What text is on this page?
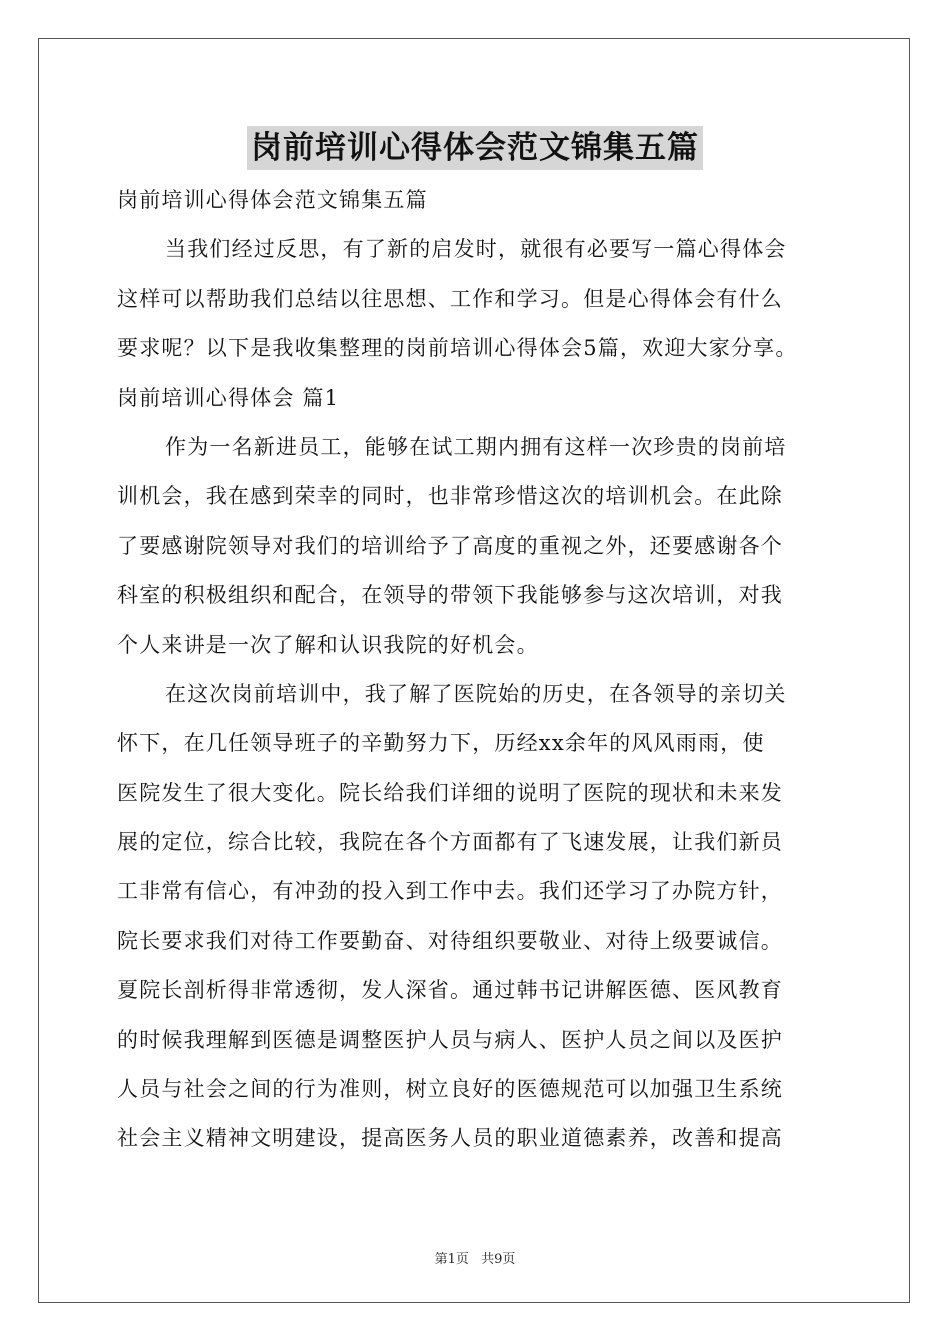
岗前培训心得体会范文锦集五篇
岗前培训心得体会范文锦集五篇
当我们经过反思，有了新的启发时，就很有必要写一篇心得体会
这样可以帮助我们总结以往思想、工作和学习。但是心得体会有什么
要求呢？以下是我收集整理的岗前培训心得体会5篇，欢迎大家分享。
岗前培训心得体会 篇1
作为一名新进员工，能够在试工期内拥有这样一次珍贵的岗前培
训机会，我在感到荣幸的同时，也非常珍惜这次的培训机会。在此除
了要感谢院领导对我们的培训给予了高度的重视之外，还要感谢各个
科室的积极组织和配合，在领导的带领下我能够参与这次培训，对我
个人来讲是一次了解和认识我院的好机会。
在这次岗前培训中，我了解了医院始的历史，在各领导的亲切关
怀下，在几任领导班子的辛勤努力下，历经xx余年的风风雨雨，使
医院发生了很大变化。院长给我们详细的说明了医院的现状和未来发
展的定位，综合比较，我院在各个方面都有了飞速发展，让我们新员
工非常有信心，有冲劲的投入到工作中去。我们还学习了办院方针，
院长要求我们对待工作要勤奋、对待组织要敬业、对待上级要诚信。
夏院长剖析得非常透彻，发人深省。通过韩书记讲解医德、医风教育
的时候我理解到医德是调整医护人员与病人、医护人员之间以及医护
人员与社会之间的行为准则，树立良好的医德规范可以加强卫生系统
社会主义精神文明建设，提高医务人员的职业道德素养，改善和提高
第1页 共9页
